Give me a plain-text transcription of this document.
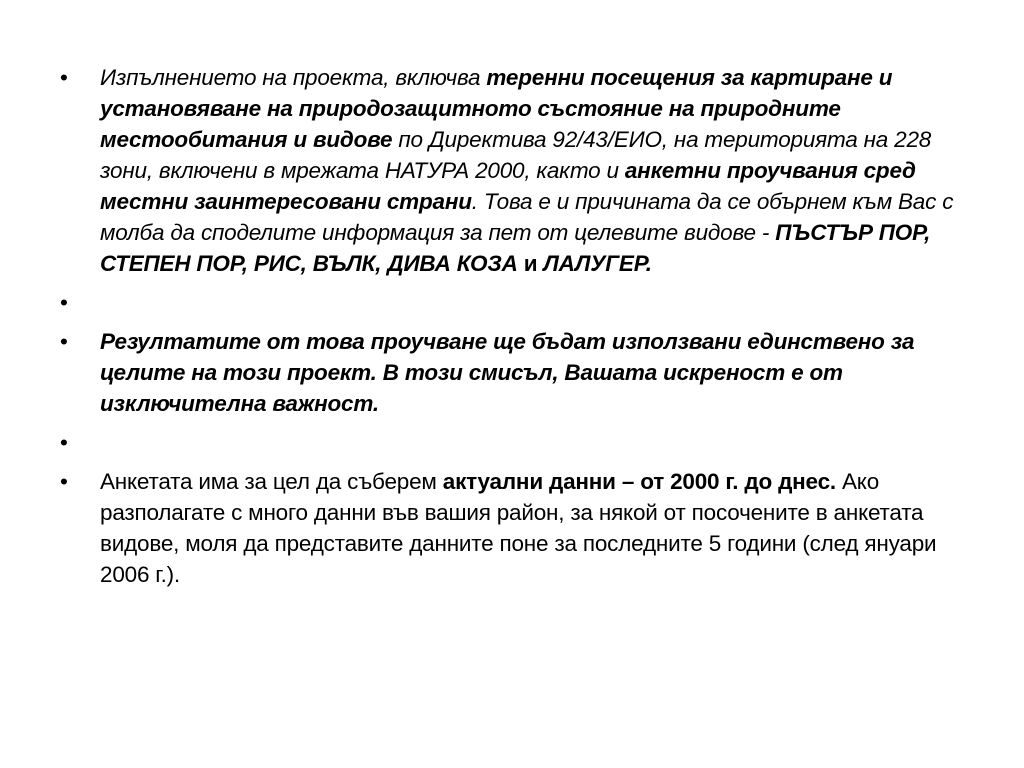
• Изпълнението на проекта, включва теренни посещения за картиране и установяване на природозащитното състояние на природните местообитания и видове по Директива 92/43/ЕИО, на територията на 228 зони, включени в мрежата НАТУРА 2000, както и анкетни проучвания сред местни заинтересовани страни. Това е и причината да се обърнем към Вас с молба да споделите информация за пет от целевите видове - ПЪСТЪР ПОР, СТЕПЕН ПОР, РИС, ВЪЛК, ДИВА КОЗА и ЛАЛУГЕР.
•
• Резултатите от това проучване ще бъдат използвани единствено за целите на този проект. В този смисъл, Вашата искреност е от изключителна важност.
•
• Анкетата има за цел да съберем актуални данни – от 2000 г. до днес. Ако разполагате с много данни във вашия район, за някой от посочените в анкетата видове, моля да представите данните поне за последните 5 години (след януари 2006 г.).
